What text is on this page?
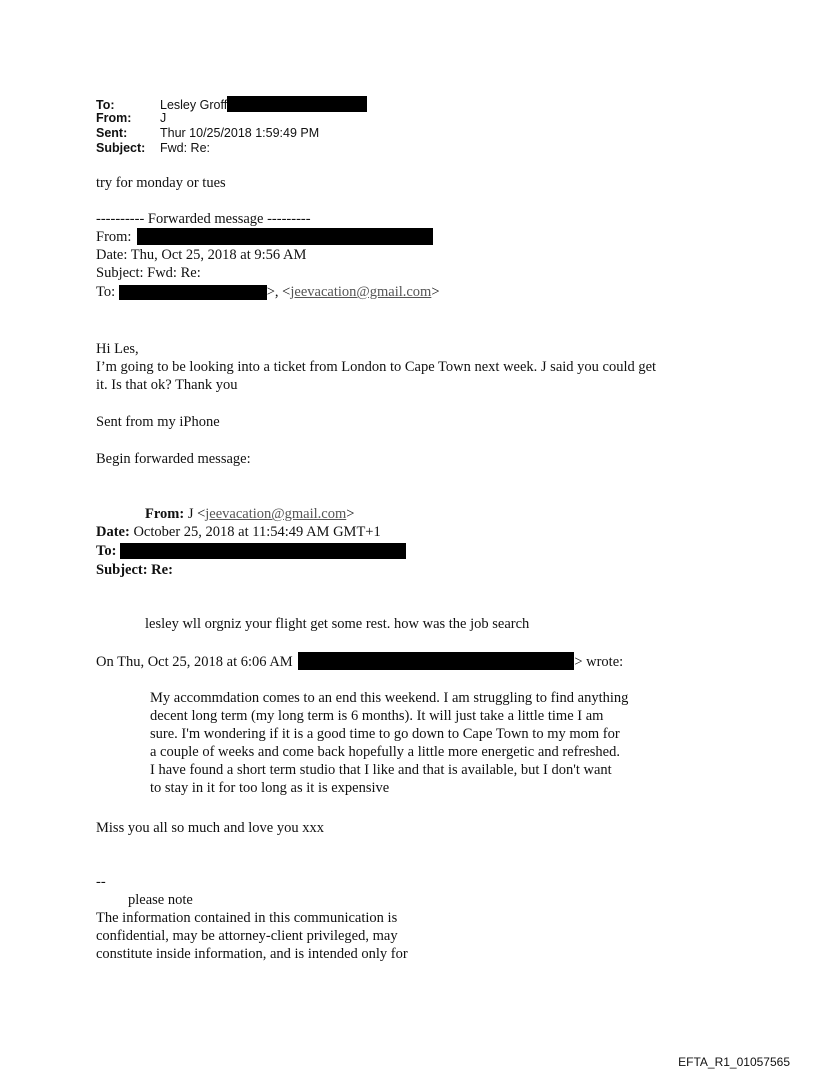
To:	Lesley Groff
From: J
Sent:	Thur 10/25/2018 1:59:49 PM
Subject: Fwd: Re:
try for monday or tues
---------- Forwarded message ---------
From:
Date: Thu, Oct 25, 2018 at 9:56 AM
Subject: Fwd: Re:
To:	>, <jeevacation@gmail.com>
Hi Les,
I’m going to be looking into a ticket from London to Cape Town next week. J said you could get
it. Is that ok? Thank you
Sent from my iPhone
Begin forwarded message:
From: J <jeevacation@gmail.com>
Date: October 25, 2018 at 11:54:49 AM GMT+1
To:
Subject: Re:
lesley wll orgniz your flight get some rest. how was the job search
On Thu, Oct 25, 2018 at 6:06 AM	> wrote:
My accommdation comes to an end this weekend. I am struggling to find anything
decent long term (my long term is 6 months). It will just take a little time I am
sure. I'm wondering if it is a good time to go down to Cape Town to my mom for
a couple of weeks and come back hopefully a little more energetic and refreshed.
I have found a short term studio that I like and that is available, but I don't want
to stay in it for too long as it is expensive
Miss you all so much and love you xxx
--
please note
The information contained in this communication is
confidential, may be attorney-client privileged, may
constitute inside information, and is intended only for
EFTA_R1_01057565
